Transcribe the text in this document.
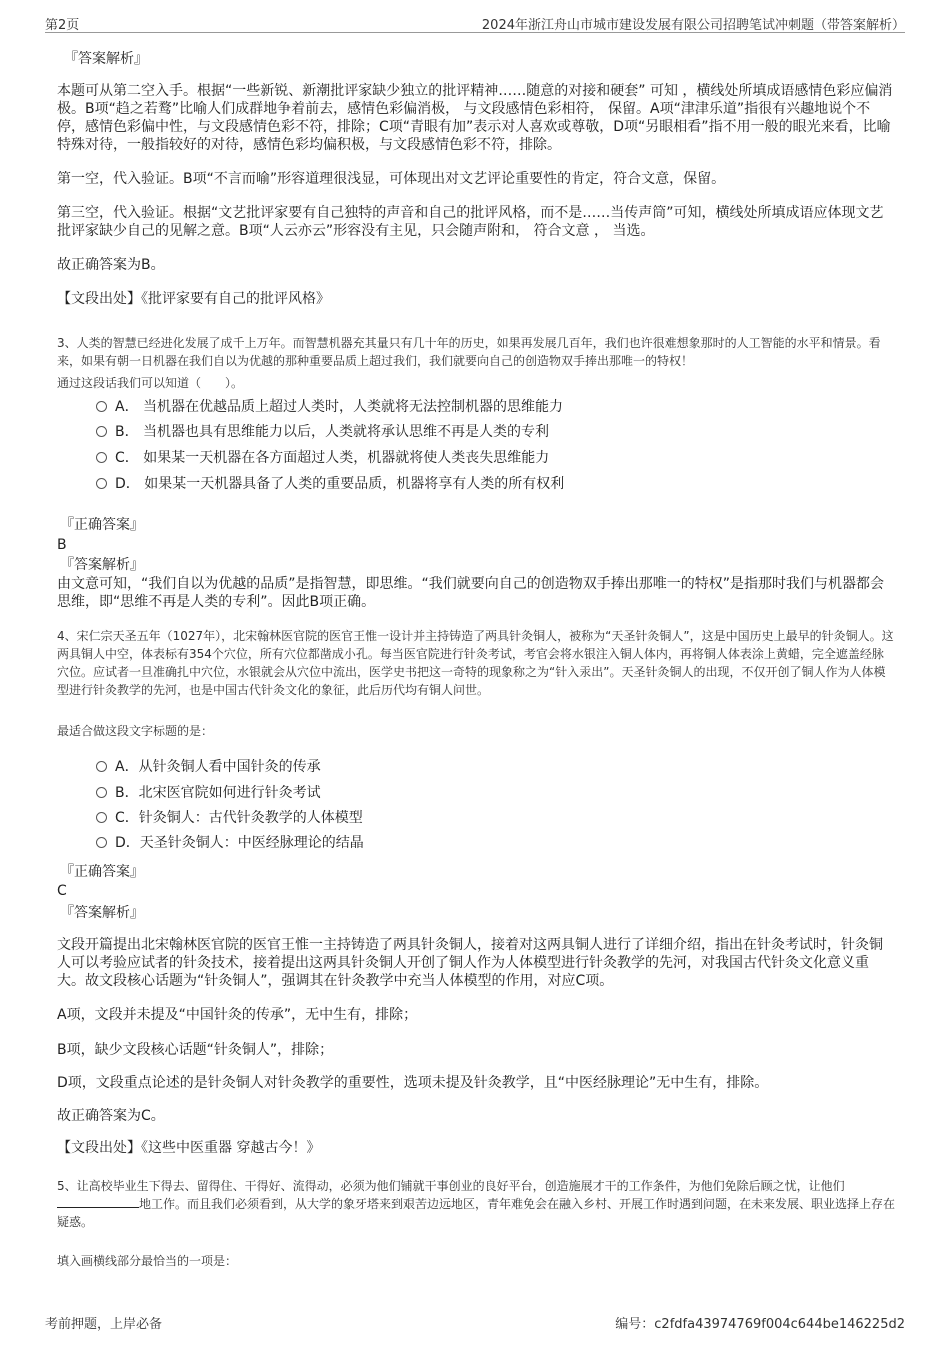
第2页	2024年浙江舟山市城市建设发展有限公司招聘笔试冲刺题（带答案解析）
『答案解析』
本题可从第二空入手。根据“一些新锐、新潮批评家缺少独立的批评精神……随意的对接和硬套” 可知 ，横线处所填成语感情色彩应偏消极。B项“趋之若鹜”比喻人们成群地争着前去，感情色彩偏消极， 与文段感情色彩相符， 保留。A项“津津乐道”指很有兴趣地说个不停，感情色彩偏中性，与文段感情色彩不符，排除；C项“青眼有加”表示对人喜欢或尊敬，D项“另眼相看”指不用一般的眼光来看，比喻特殊对待，一般指较好的对待，感情色彩均偏积极，与文段感情色彩不符，排除。
第一空，代入验证。B项“不言而喻”形容道理很浅显，可体现出对文艺评论重要性的肯定，符合文意，保留。
第三空，代入验证。根据“文艺批评家要有自己独特的声音和自己的批评风格，而不是……当传声筒”可知，横线处所填成语应体现文艺批评家缺少自己的见解之意。B项“人云亦云”形容没有主见，只会随声附和， 符合文意 ， 当选。
故正确答案为B。
【文段出处】《批评家要有自己的批评风格》
3、人类的智慧已经进化发展了成千上万年。而智慧机器充其量只有几十年的历史，如果再发展几百年，我们也许很难想象那时的人工智能的水平和情景。看来，如果有朝一日机器在我们自以为优越的那种重要品质上超过我们，我们就要向自己的创造物双手捧出那唯一的特权！
通过这段话我们可以知道（　　）。
A． 当机器在优越品质上超过人类时，人类就将无法控制机器的思维能力
B． 当机器也具有思维能力以后，人类就将承认思维不再是人类的专利
C． 如果某一天机器在各方面超过人类，机器就将使人类丧失思维能力
D． 如果某一天机器具备了人类的重要品质，机器将享有人类的所有权利
『正确答案』
B
『答案解析』
由文意可知，“我们自以为优越的品质”是指智慧，即思维。“我们就要向自己的创造物双手捧出那唯一的特权”是指那时我们与机器都会思维，即“思维不再是人类的专利”。因此B项正确。
4、宋仁宗天圣五年（1027年），北宋翰林医官院的医官王惟一设计并主持铸造了两具针灸铜人，被称为“天圣针灸铜人”，这是中国历史上最早的针灸铜人。这两具铜人中空，体表标有354个穴位，所有穴位都凿成小孔。每当医官院进行针灸考试，考官会将水银注入铜人体内，再将铜人体表涂上黄蜡，完全遮盖经脉穴位。应试者一旦准确扎中穴位，水银就会从穴位中流出，医学史书把这一奇特的现象称之为“针入汞出”。天圣针灸铜人的出现，不仅开创了铜人作为人体模型进行针灸教学的先河，也是中国古代针灸文化的象征，此后历代均有铜人问世。
最适合做这段文字标题的是：
A．从针灸铜人看中国针灸的传承
B．北宋医官院如何进行针灸考试
C．针灸铜人：古代针灸教学的人体模型
D．天圣针灸铜人：中医经脉理论的结晶
『正确答案』
C
『答案解析』
文段开篇提出北宋翰林医官院的医官王惟一主持铸造了两具针灸铜人，接着对这两具铜人进行了详细介绍，指出在针灸考试时，针灸铜人可以考验应试者的针灸技术，接着提出这两具针灸铜人开创了铜人作为人体模型进行针灸教学的先河，对我国古代针灸文化意义重大。故文段核心话题为“针灸铜人”，强调其在针灸教学中充当人体模型的作用，对应C项。
A项，文段并未提及“中国针灸的传承”，无中生有，排除；
B项，缺少文段核心话题“针灸铜人”，排除；
D项，文段重点论述的是针灸铜人对针灸教学的重要性，选项未提及针灸教学，且“中医经脉理论”无中生有，排除。
故正确答案为C。
【文段出处】《这些中医重器 穿越古今！》
5、让高校毕业生下得去、留得住、干得好、流得动，必须为他们铺就干事创业的良好平台，创造施展才干的工作条件，为他们免除后顾之忧，让他们地工作。而且我们必须看到，从大学的象牙塔来到艰苦边远地区，青年难免会在融入乡村、开展工作时遇到问题，在未来发展、职业选择上存在疑惑。
填入画横线部分最恰当的一项是：
考前押题，上岸必备	编号：c2fdfa43974769f004c644be146225d2
